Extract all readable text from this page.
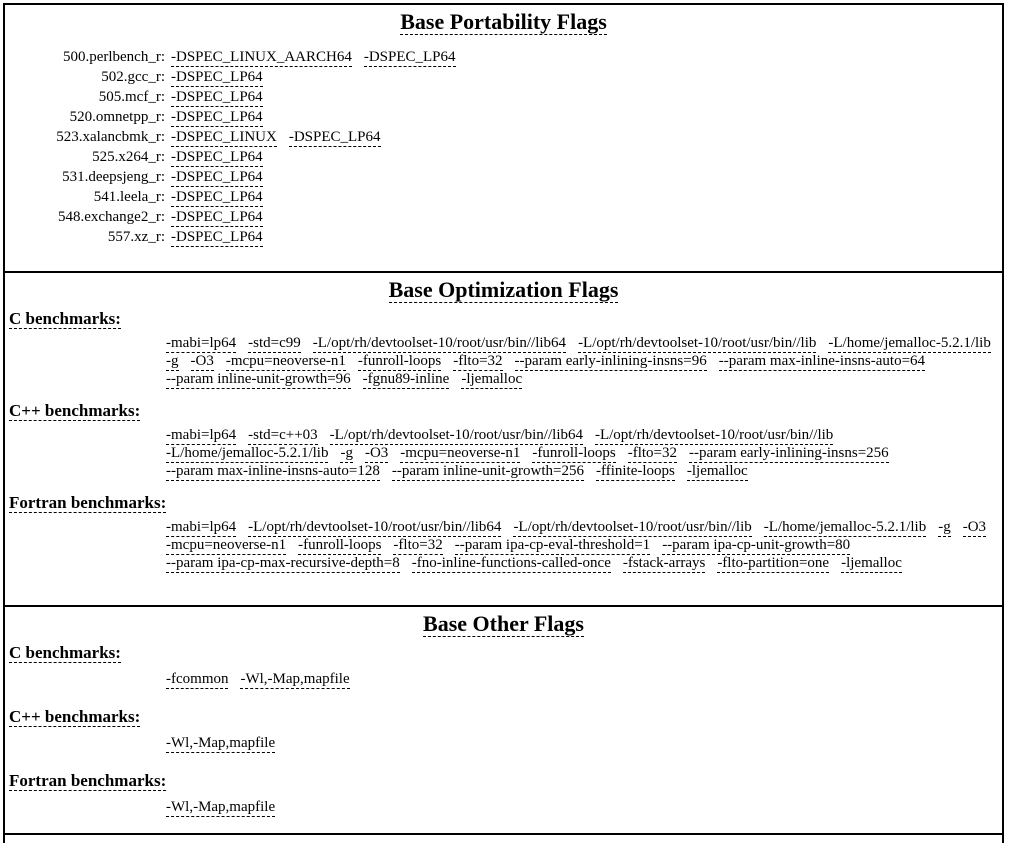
Base Portability Flags
500.perlbench_r: -DSPEC_LINUX_AARCH64 -DSPEC_LP64
502.gcc_r: -DSPEC_LP64
505.mcf_r: -DSPEC_LP64
520.omnetpp_r: -DSPEC_LP64
523.xalancbmk_r: -DSPEC_LINUX -DSPEC_LP64
525.x264_r: -DSPEC_LP64
531.deepsjeng_r: -DSPEC_LP64
541.leela_r: -DSPEC_LP64
548.exchange2_r: -DSPEC_LP64
557.xz_r: -DSPEC_LP64
Base Optimization Flags
C benchmarks:
-mabi=lp64 -std=c99 -L/opt/rh/devtoolset-10/root/usr/bin//lib64 -L/opt/rh/devtoolset-10/root/usr/bin//lib -L/home/jemalloc-5.2.1/lib
-g -O3 -mcpu=neoverse-n1 -funroll-loops -flto=32 --param early-inlining-insns=96 --param max-inline-insns-auto=64
--param inline-unit-growth=96 -fgnu89-inline -ljemalloc
C++ benchmarks:
-mabi=lp64 -std=c++03 -L/opt/rh/devtoolset-10/root/usr/bin//lib64 -L/opt/rh/devtoolset-10/root/usr/bin//lib
-L/home/jemalloc-5.2.1/lib -g -O3 -mcpu=neoverse-n1 -funroll-loops -flto=32 --param early-inlining-insns=256
--param max-inline-insns-auto=128 --param inline-unit-growth=256 -ffinite-loops -ljemalloc
Fortran benchmarks:
-mabi=lp64 -L/opt/rh/devtoolset-10/root/usr/bin//lib64 -L/opt/rh/devtoolset-10/root/usr/bin//lib -L/home/jemalloc-5.2.1/lib -g -O3
-mcpu=neoverse-n1 -funroll-loops -flto=32 --param ipa-cp-eval-threshold=1 --param ipa-cp-unit-growth=80
--param ipa-cp-max-recursive-depth=8 -fno-inline-functions-called-once -fstack-arrays -flto-partition=one -ljemalloc
Base Other Flags
C benchmarks:
-fcommon -Wl,-Map,mapfile
C++ benchmarks:
-Wl,-Map,mapfile
Fortran benchmarks:
-Wl,-Map,mapfile
